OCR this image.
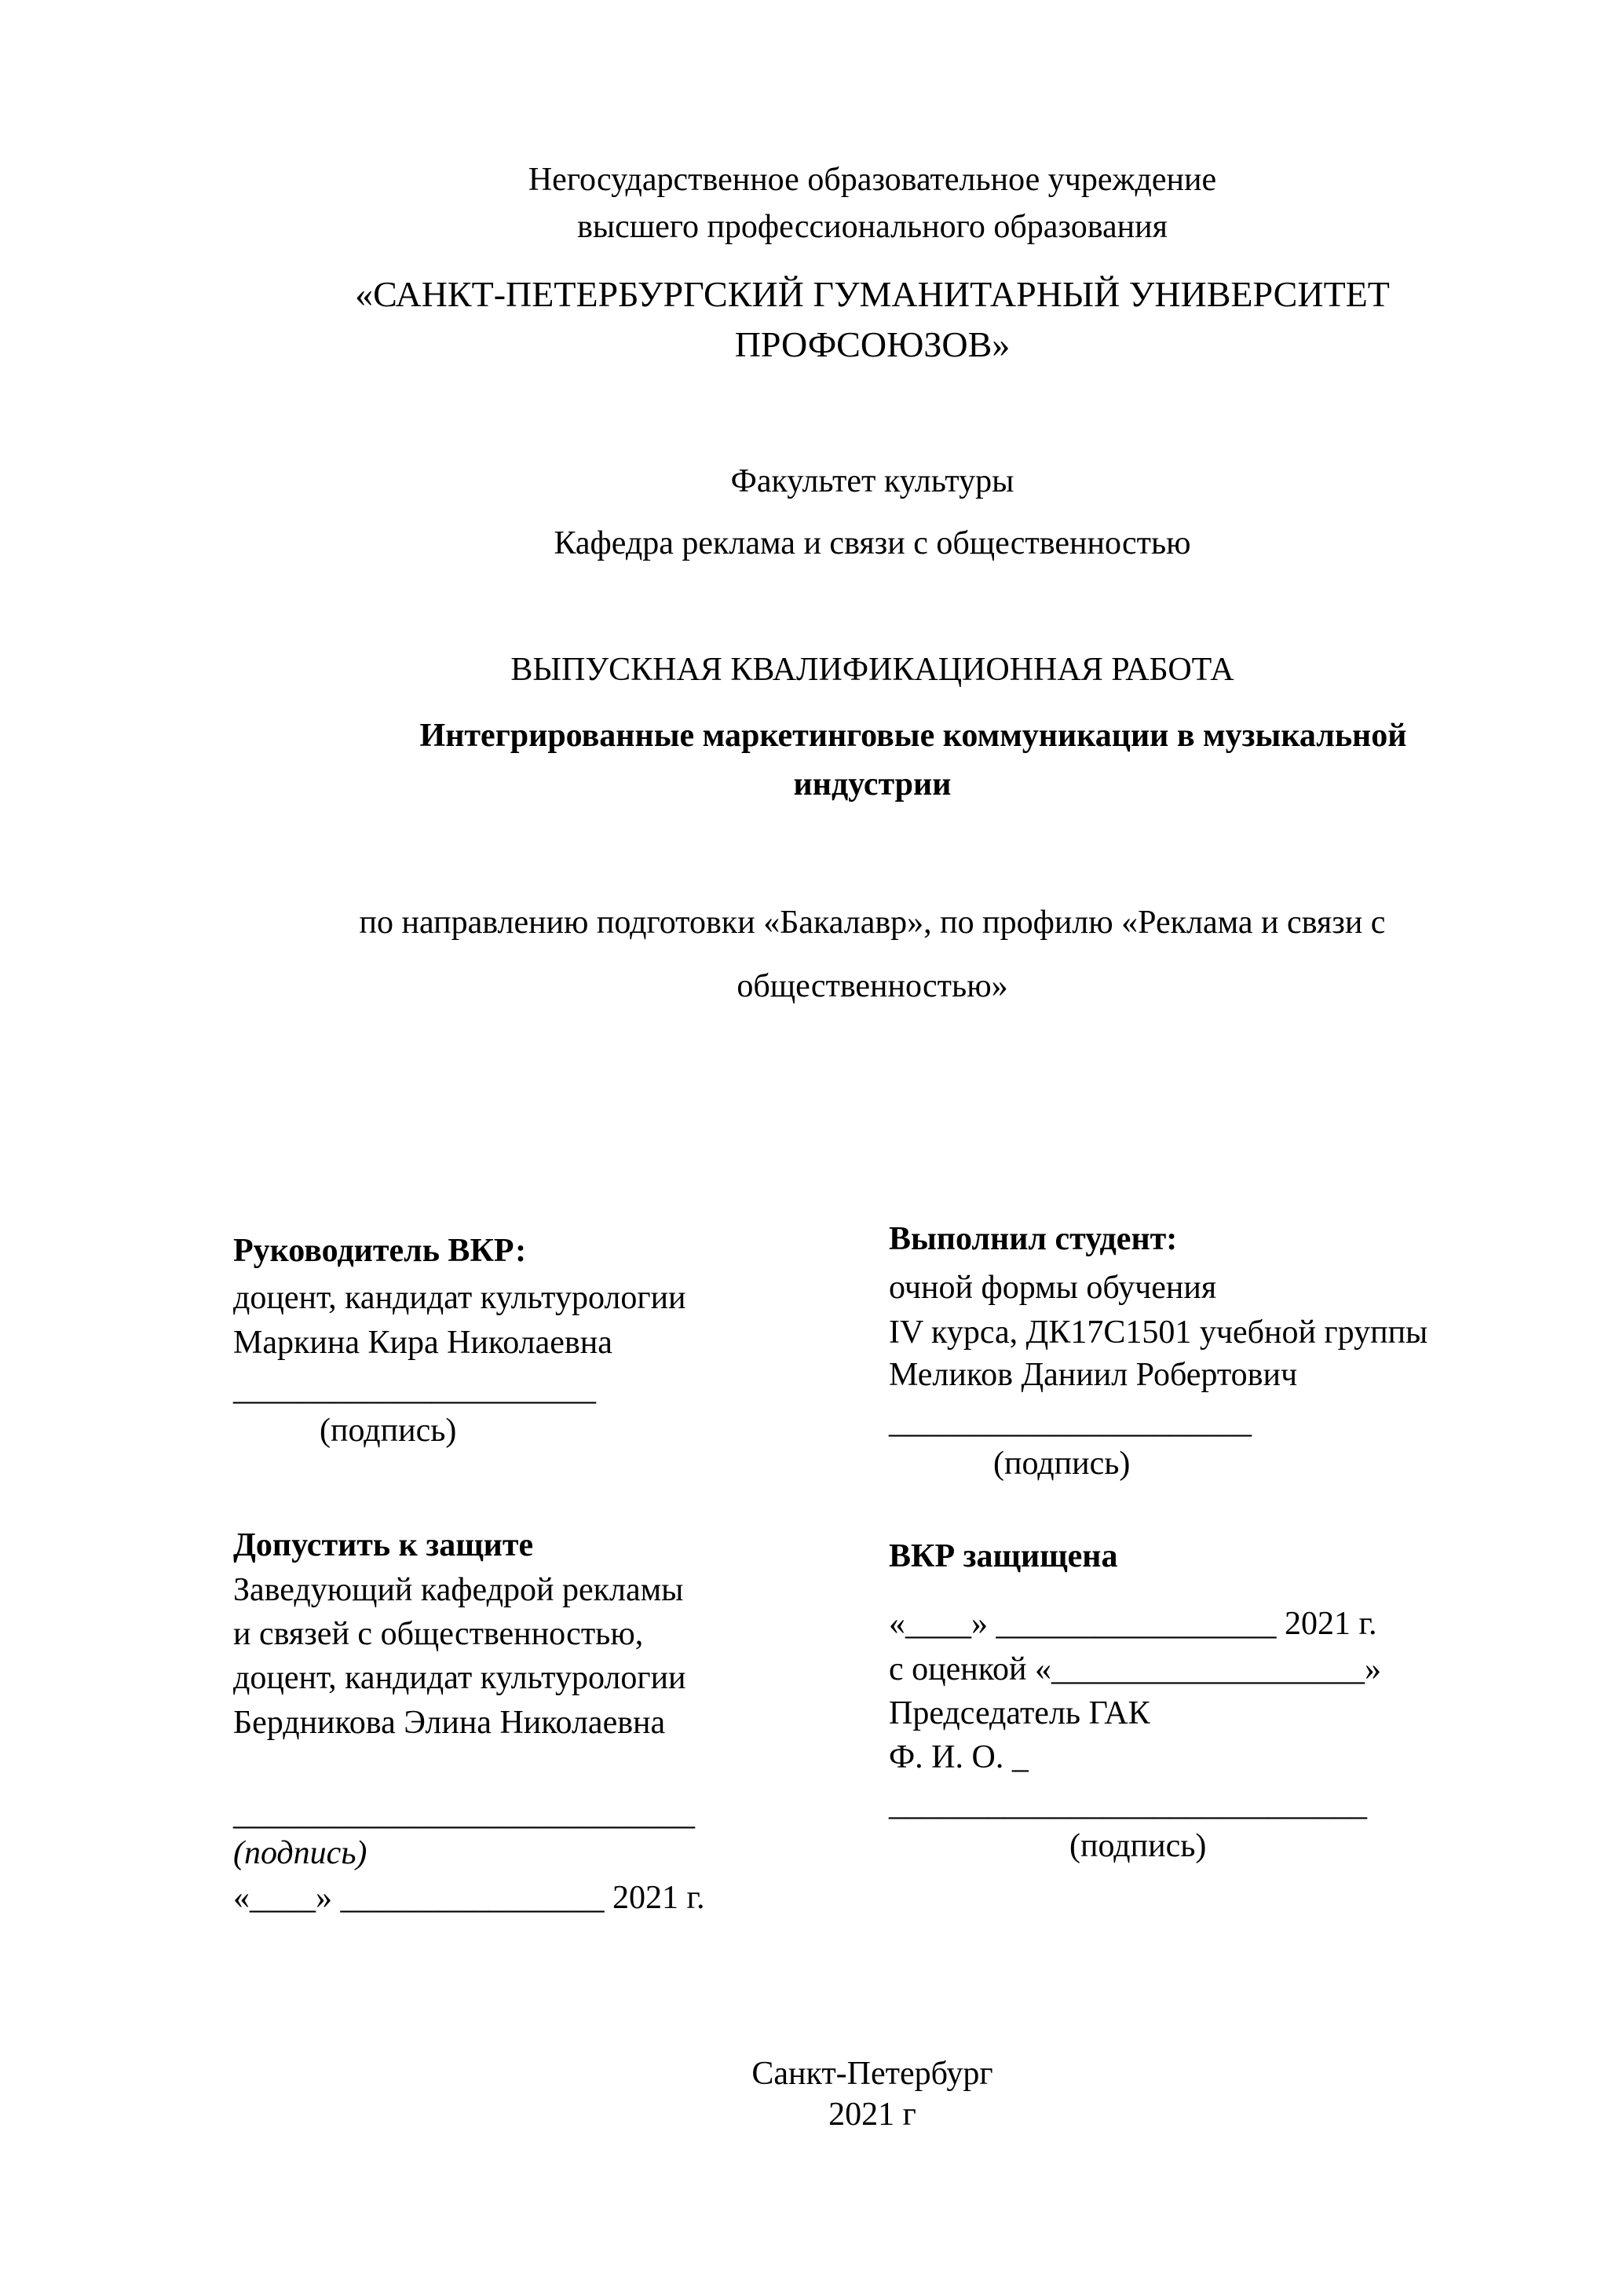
Негосударственное образовательное учреждение
высшего профессионального образования
«САНКТ-ПЕТЕРБУРГСКИЙ ГУМАНИТАРНЫЙ УНИВЕРСИТЕТ
ПРОФСОЮЗОВ»
Факультет культуры
Кафедра реклама и связи с общественностью
ВЫПУСКНАЯ КВАЛИФИКАЦИОННАЯ РАБОТА
Интегрированные маркетинговые коммуникации в музыкальной
индустрии
по направлению подготовки «Бакалавр», по профилю «Реклама и связи с
общественностью»
Руководитель ВКР:
доцент, кандидат культурологии
Маркина Кира Николаевна
______________________
(подпись)
Выполнил студент:
очной формы обучения
IV курса, ДК17С1501 учебной группы
Меликов Даниил Робертович
______________________
(подпись)
Допустить к защите
Заведующий кафедрой рекламы
и связей с общественностью,
доцент, кандидат культурологии
Бердникова Элина Николаевна
____________________________
(подпись)
«____» ________________ 2021 г.
ВКР защищена
«____» _________________ 2021 г.
с оценкой «___________________»
Председатель ГАК
Ф. И. О. _
_____________________________
(подпись)
Санкт-Петербург
2021 г
